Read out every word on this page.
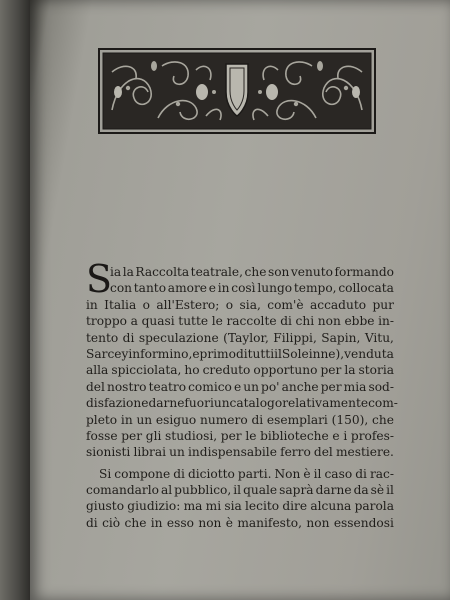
S
ia la Raccolta teatrale, che son venuto formando
con tanto amore e in così lungo tempo, collocata
in Italia o all'Estero; o sia, com'è accaduto pur
troppo a quasi tutte le raccolte di chi non ebbe in-
tento di speculazione (Taylor, Filippi, Sapin, Vitu,
Sarcey informino, e primo di tutti il Soleinne), venduta
alla spicciolata, ho creduto opportuno per la storia
del nostro teatro comico e un po' anche per mia sod-
disfazione darne fuori un catalogo relativamente com-
pleto in un esiguo numero di esemplari (150), che
fosse per gli studiosi, per le biblioteche e i profes-
sionisti librai un indispensabile ferro del mestiere.
Si compone di diciotto parti. Non è il caso di rac-
comandarlo al pubblico, il quale saprà darne da sè il
giusto giudizio: ma mi sia lecito dire alcuna parola
di ciò che in esso non è manifesto, non essendosi
